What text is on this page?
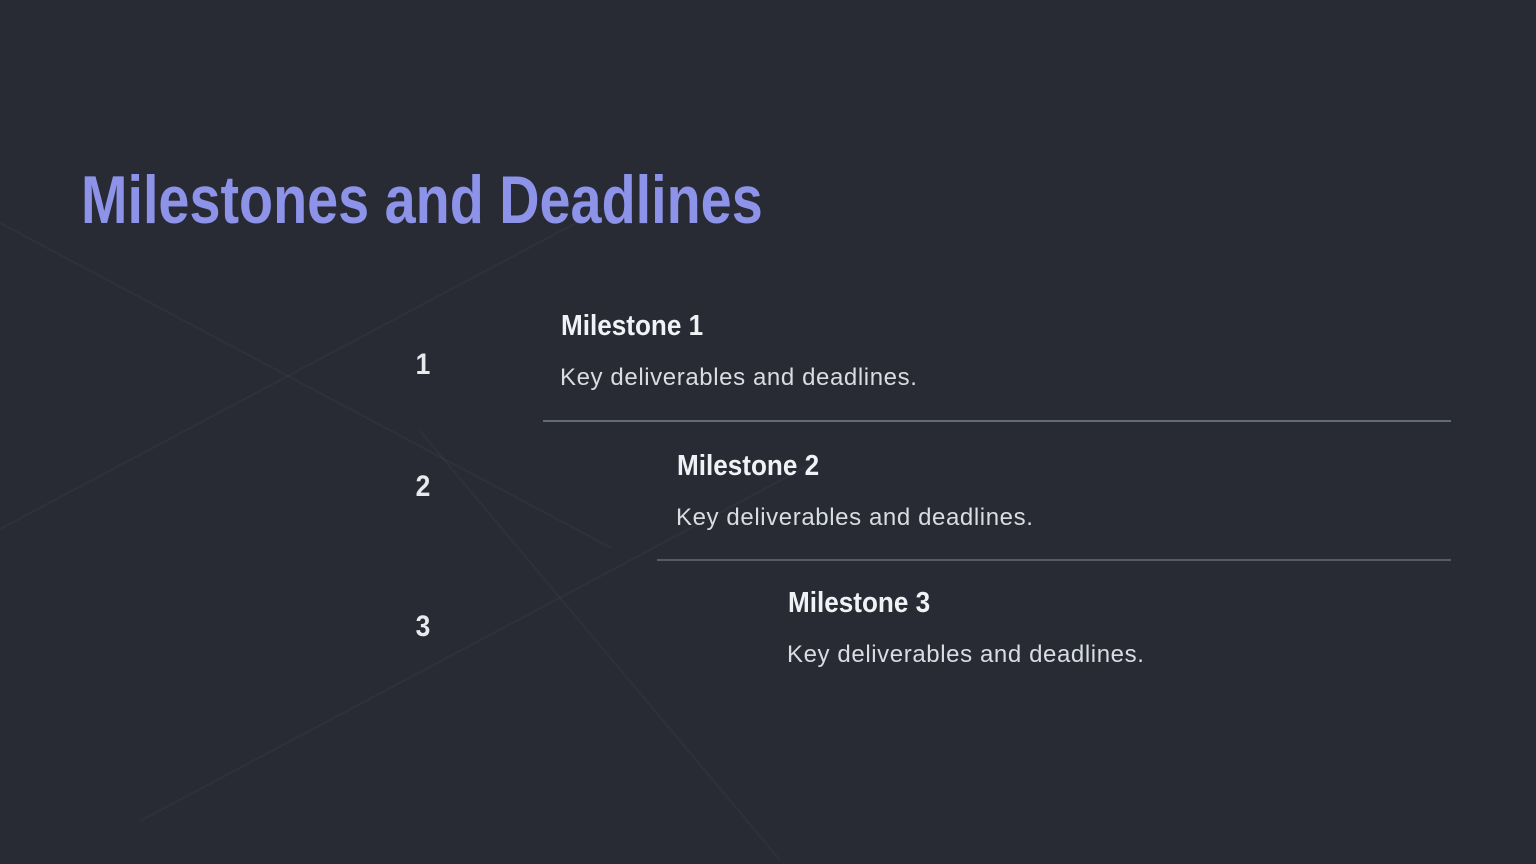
Milestones and Deadlines
1
Milestone 1
Key deliverables and deadlines.
2
Milestone 2
Key deliverables and deadlines.
3
Milestone 3
Key deliverables and deadlines.
